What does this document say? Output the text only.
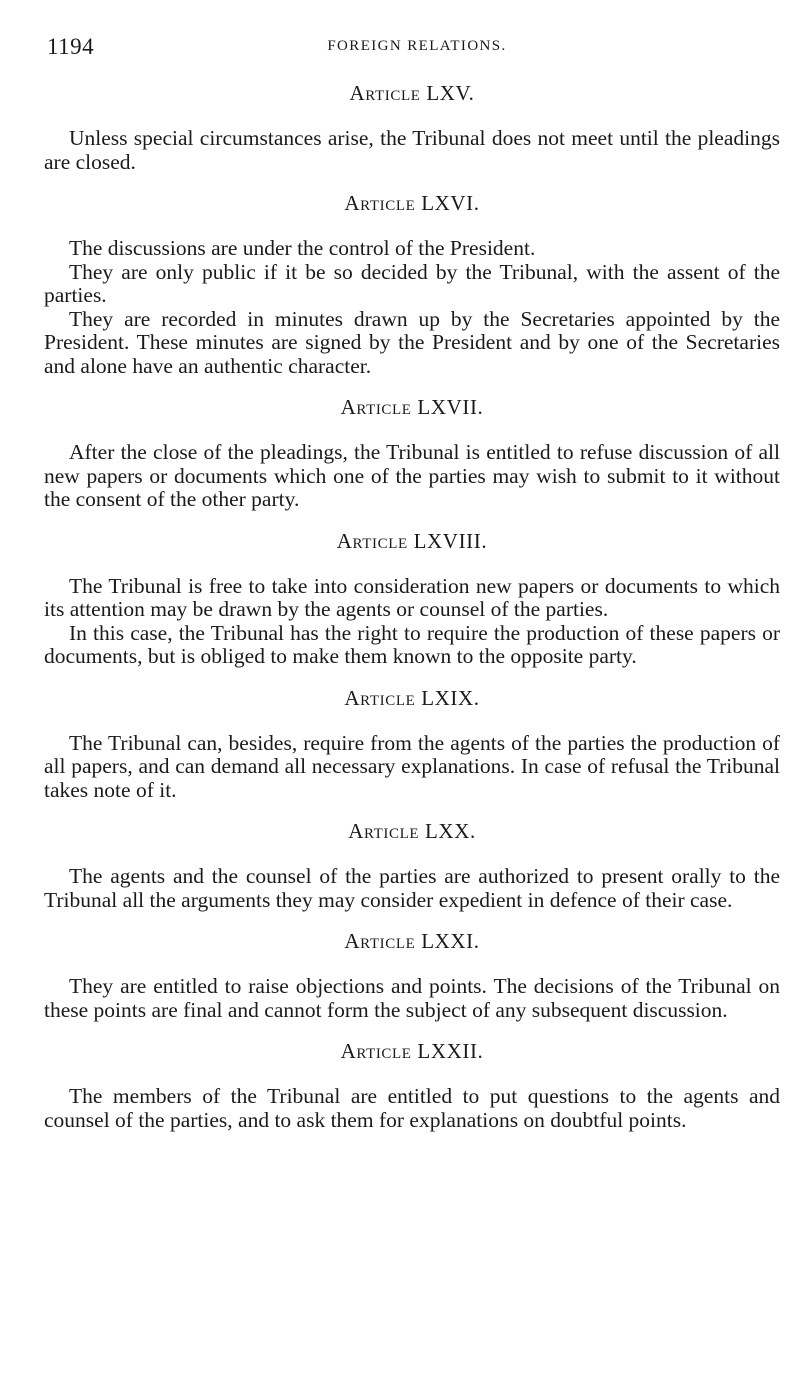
1194	FOREIGN RELATIONS.
Article LXV.

Unless special circumstances arise, the Tribunal does not meet until the pleadings are closed.

Article LXVI.

The discussions are under the control of the President.

They are only public if it be so decided by the Tribunal, with the assent of the parties.

They are recorded in minutes drawn up by the Secretaries appointed by the President. These minutes are signed by the President and by one of the Secretaries and alone have an authentic character.

Article LXVII.

After the close of the pleadings, the Tribunal is entitled to refuse discussion of all new papers or documents which one of the parties may wish to submit to it without the consent of the other party.

Article LXVIII.

The Tribunal is free to take into consideration new papers or documents to which its attention may be drawn by the agents or counsel of the parties.

In this case, the Tribunal has the right to require the production of these papers or documents, but is obliged to make them known to the opposite party.

Article LXIX.

The Tribunal can, besides, require from the agents of the parties the production of all papers, and can demand all necessary explanations. In case of refusal the Tribunal takes note of it.

Article LXX.

The agents and the counsel of the parties are authorized to present orally to the Tribunal all the arguments they may consider expedient in defence of their case.

Article LXXI.

They are entitled to raise objections and points. The decisions of the Tribunal on these points are final and cannot form the subject of any subsequent discussion.

Article LXXII.

The members of the Tribunal are entitled to put questions to the agents and counsel of the parties, and to ask them for explanations on doubtful points.
